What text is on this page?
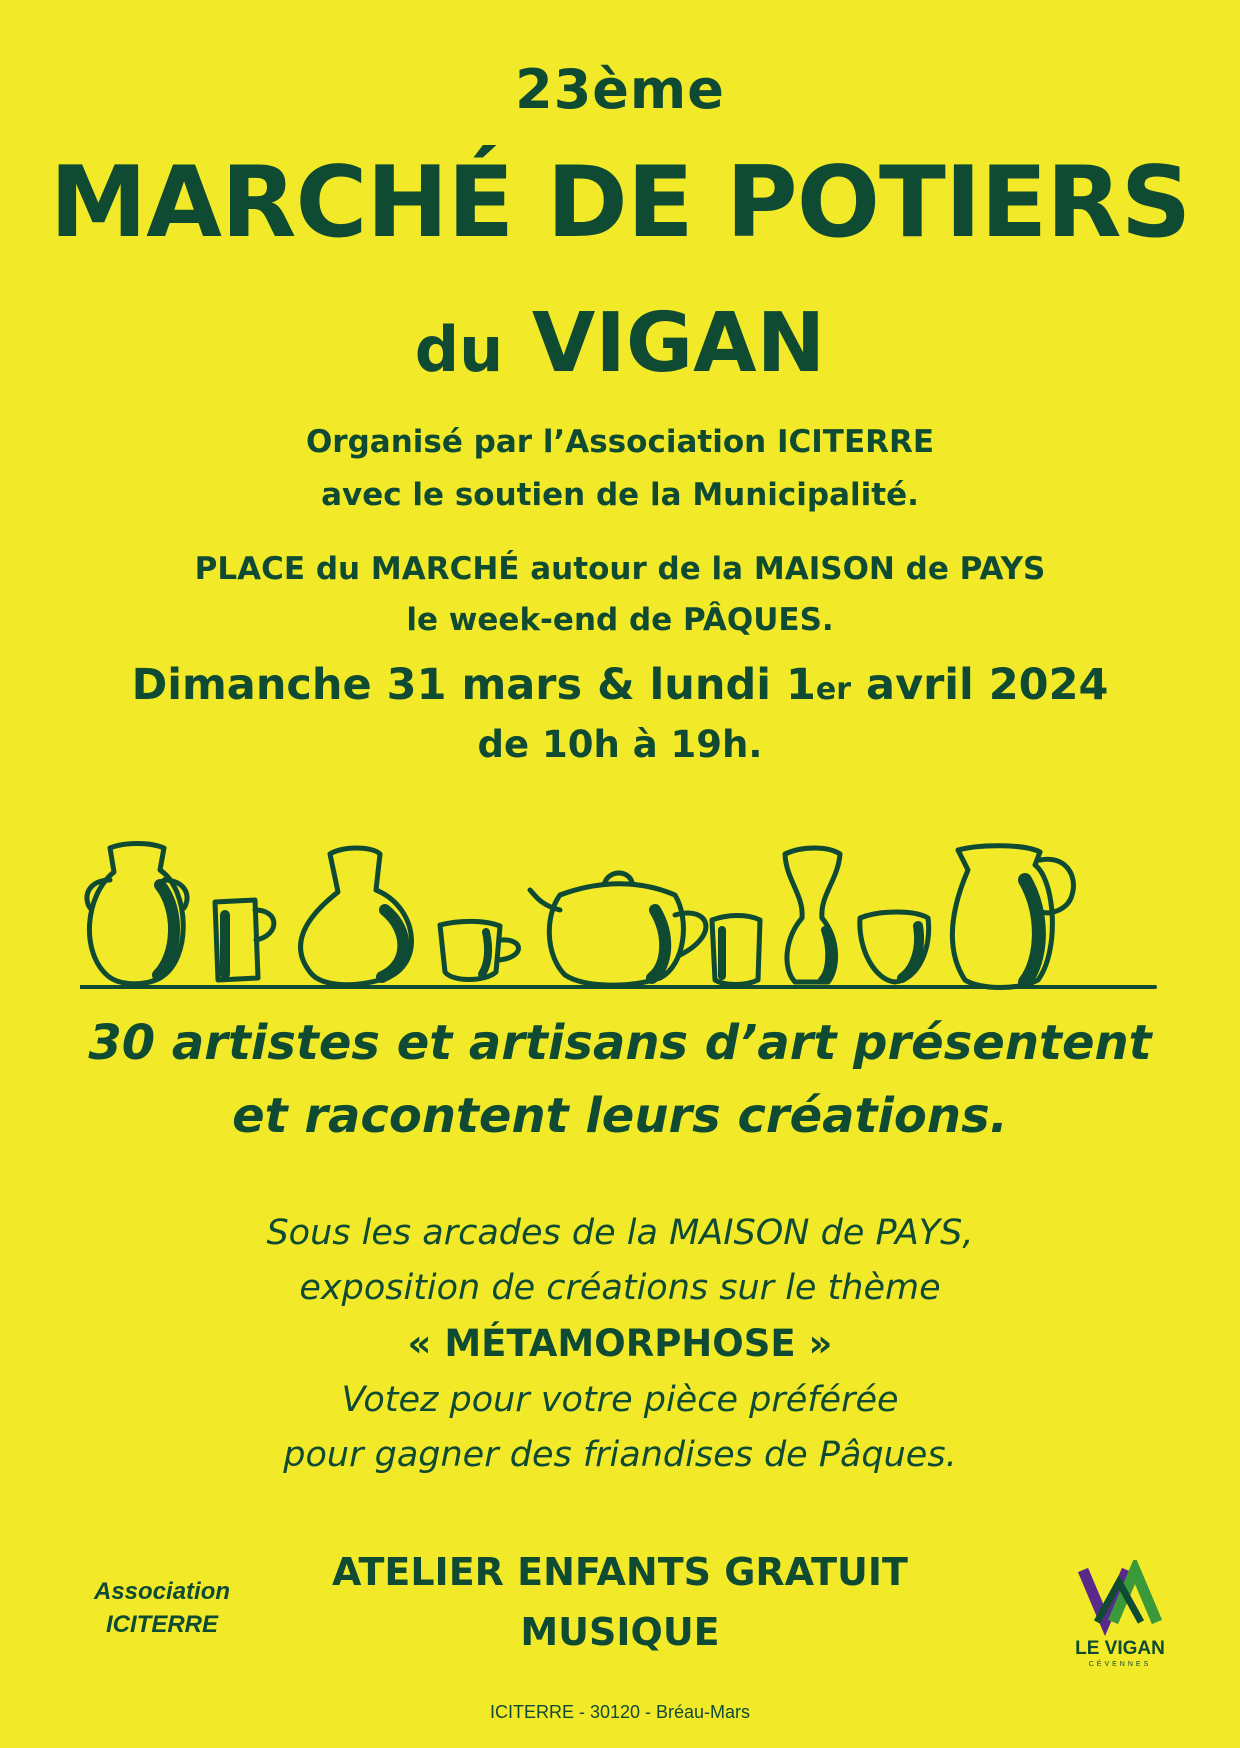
23ème
MARCHÉ DE POTIERS
du VIGAN
Organisé par l’Association ICITERRE
avec le soutien de la Municipalité.
PLACE du MARCHÉ autour de la MAISON de PAYS
le week-end de PÂQUES.
Dimanche 31 mars & lundi 1er avril 2024
de 10h à 19h.
30 artistes et artisans d’art présentent
et racontent leurs créations.
Sous les arcades de la MAISON de PAYS,
exposition de créations sur le thème
« MÉTAMORPHOSE »
Votez pour votre pièce préférée
pour gagner des friandises de Pâques.
ATELIER ENFANTS GRATUIT
MUSIQUE
Association
ICITERRE
LE VIGAN
CÉVENNES
ICITERRE - 30120 - Bréau-Mars
